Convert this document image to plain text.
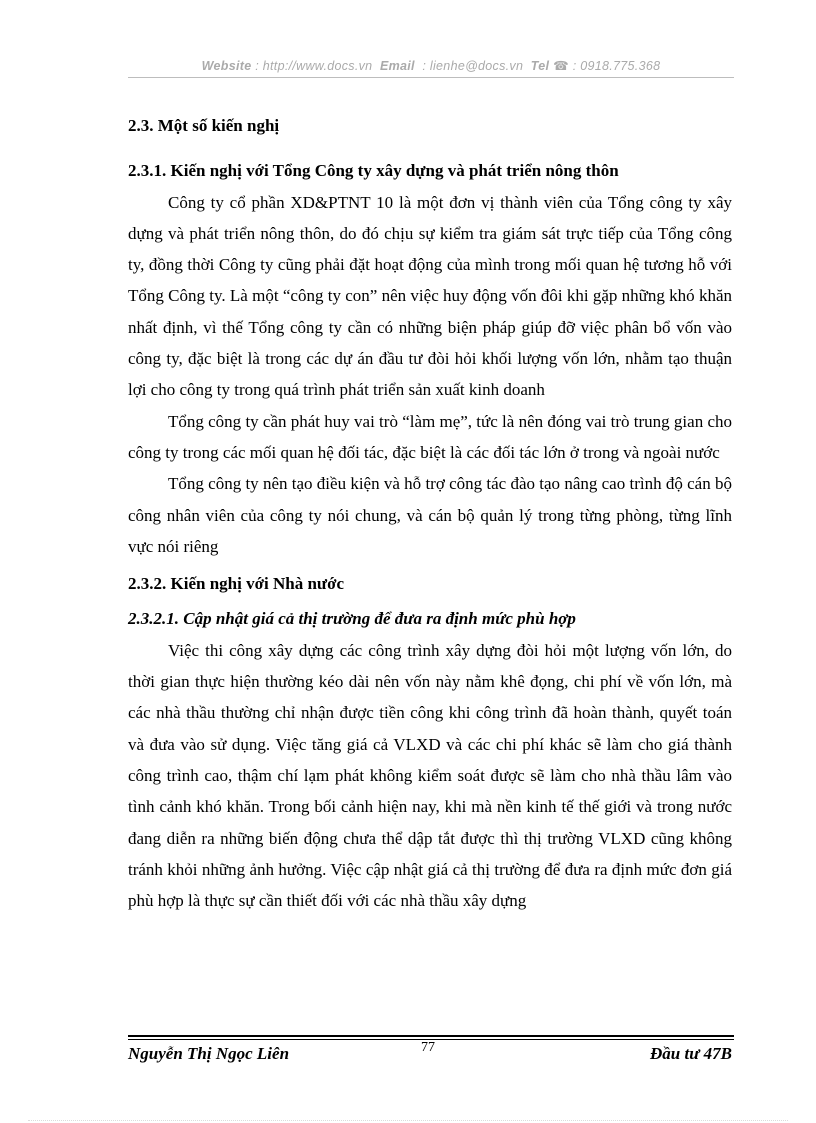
Website : http://www.docs.vn Email : lienhe@docs.vn Tel ☎ : 0918.775.368
2.3. Một số kiến nghị
2.3.1. Kiến nghị với Tổng Công ty xây dựng và phát triển nông thôn

Công ty cổ phần XD&PTNT 10 là một đơn vị thành viên của Tổng công ty xây dựng và phát triển nông thôn, do đó chịu sự kiểm tra giám sát trực tiếp của Tổng công ty, đồng thời Công ty cũng phải đặt hoạt động của mình trong mối quan hệ tương hỗ với Tổng Công ty. Là một “công ty con” nên việc huy động vốn đôi khi gặp những khó khăn nhất định, vì thế Tổng công ty cần có những biện pháp giúp đỡ việc phân bổ vốn vào công ty, đặc biệt là trong các dự án đầu tư đòi hỏi khối lượng vốn lớn, nhằm tạo thuận lợi cho công ty trong quá trình phát triển sản xuất kinh doanh

Tổng công ty cần phát huy vai trò “làm mẹ”, tức là nên đóng vai trò trung gian cho công ty trong các mối quan hệ đối tác, đặc biệt là các đối tác lớn ở trong và ngoài nước

Tổng công ty nên tạo điều kiện và hỗ trợ công tác đào tạo nâng cao trình độ cán bộ công nhân viên của công ty nói chung, và cán bộ quản lý trong từng phòng, từng lĩnh vực nói riêng

2.3.2. Kiến nghị với Nhà nước
2.3.2.1. Cập nhật giá cả thị trường để đưa ra định mức phù hợp

Việc thi công xây dựng các công trình xây dựng đòi hỏi một lượng vốn lớn, do thời gian thực hiện thường kéo dài nên vốn này nằm khê đọng, chi phí về vốn lớn, mà các nhà thầu thường chỉ nhận được tiền công khi công trình đã hoàn thành, quyết toán và đưa vào sử dụng. Việc tăng giá cả VLXD và các chi phí khác sẽ làm cho giá thành công trình cao, thậm chí lạm phát không kiểm soát được sẽ làm cho nhà thầu lâm vào tình cảnh khó khăn. Trong bối cảnh hiện nay, khi mà nền kinh tế thế giới và trong nước đang diễn ra những biến động chưa thể dập tắt được thì thị trường VLXD cũng không tránh khỏi những ảnh hưởng. Việc cập nhật giá cả thị trường để đưa ra định mức đơn giá phù hợp là thực sự cần thiết đối với các nhà thầu xây dựng

Nguyễn Thị Ngọc Liên	77	Đầu tư 47B
